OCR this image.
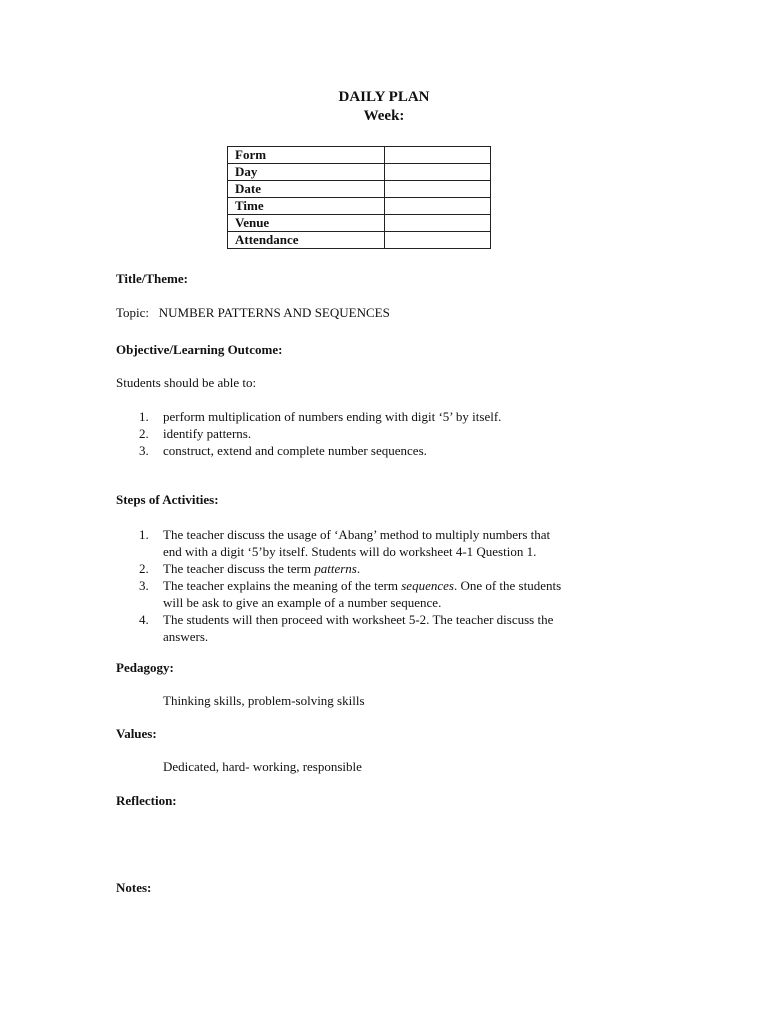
DAILY PLAN
Week:
Form	
Day	
Date	
Time	
Venue	
Attendance	
Title/Theme:
Topic: NUMBER PATTERNS AND SEQUENCES
Objective/Learning Outcome:
Students should be able to:
1. perform multiplication of numbers ending with digit ‘5’ by itself.
2. identify patterns.
3. construct, extend and complete number sequences.
Steps of Activities:
1. The teacher discuss the usage of ‘Abang’ method to multiply numbers that
end with a digit ‘5’by itself. Students will do worksheet 4-1 Question 1.
2. The teacher discuss the term patterns.
3. The teacher explains the meaning of the term sequences. One of the students
will be ask to give an example of a number sequence.
4. The students will then proceed with worksheet 5-2. The teacher discuss the
answers.
Pedagogy:
Thinking skills, problem-solving skills
Values:
Dedicated, hard- working, responsible
Reflection:
Notes:
